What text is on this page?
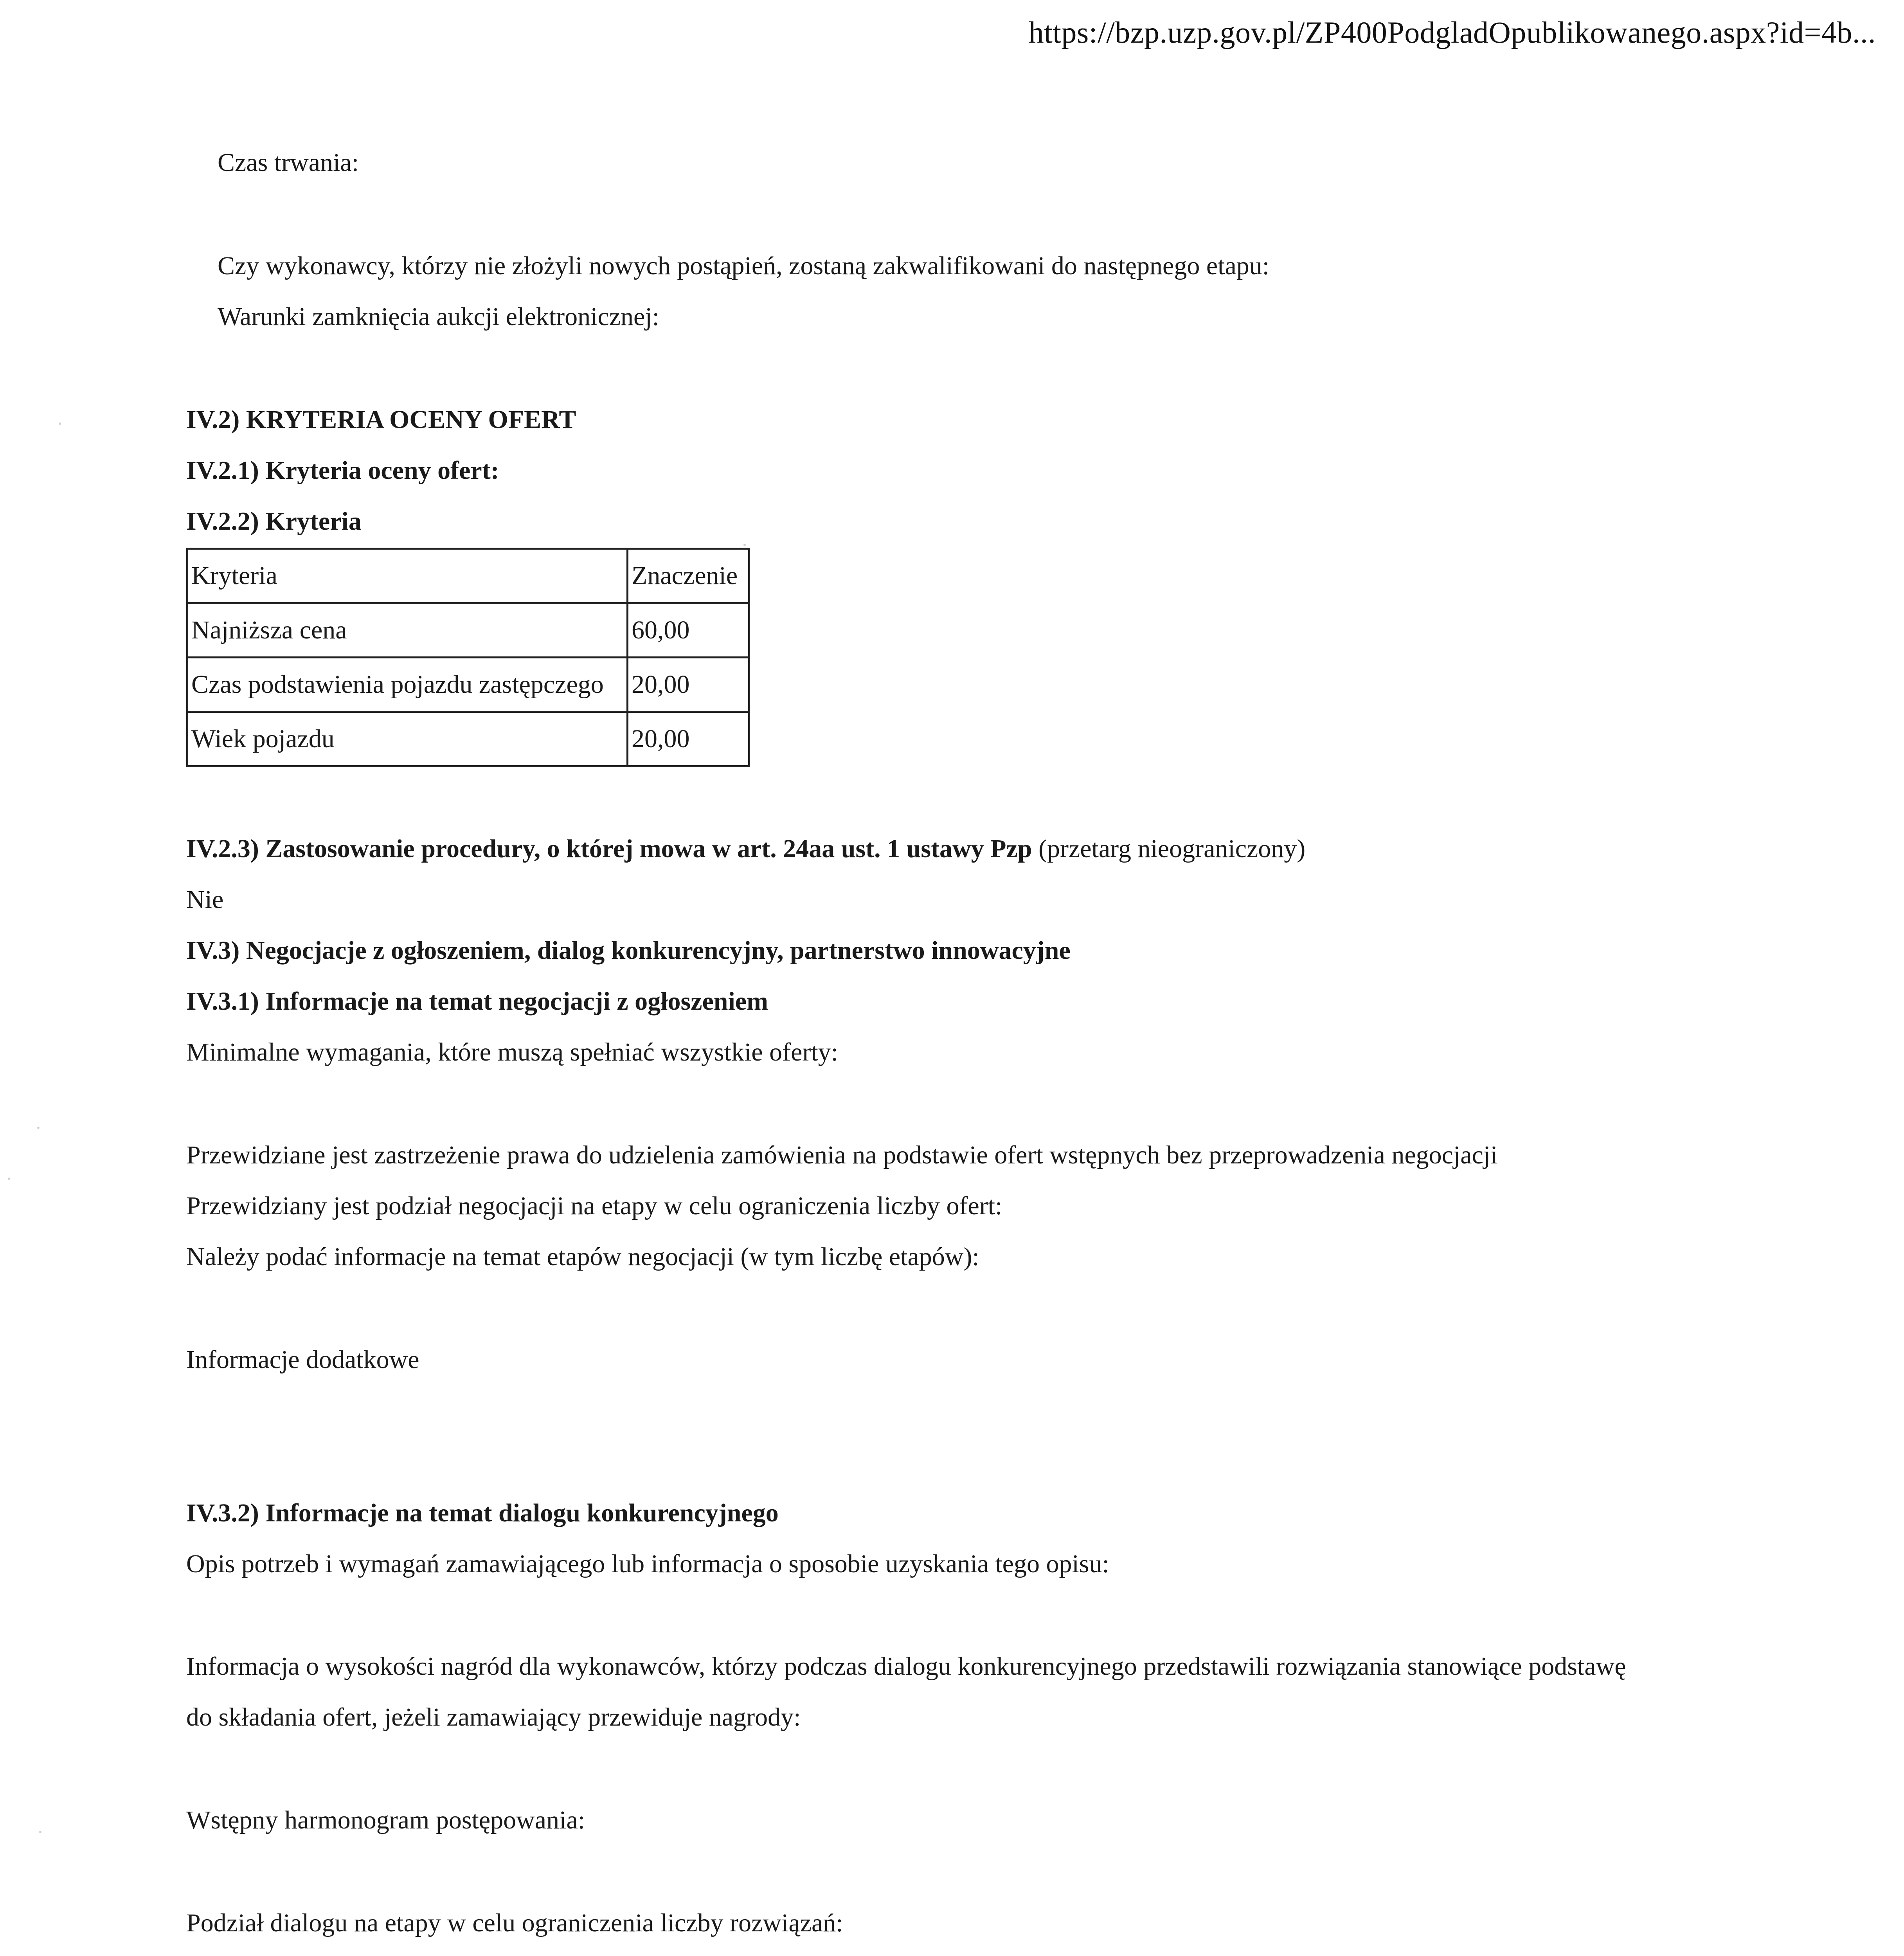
https://bzp.uzp.gov.pl/ZP400PodgladOpublikowanego.aspx?id=4b...
Czas trwania:
Czy wykonawcy, którzy nie złożyli nowych postąpień, zostaną zakwalifikowani do następnego etapu:
Warunki zamknięcia aukcji elektronicznej:
IV.2) KRYTERIA OCENY OFERT
IV.2.1) Kryteria oceny ofert:
IV.2.2) Kryteria
Kryteria	Znaczenie
Najniższa cena	60,00
Czas podstawienia pojazdu zastępczego	20,00
Wiek pojazdu	20,00
IV.2.3) Zastosowanie procedury, o której mowa w art. 24aa ust. 1 ustawy Pzp (przetarg nieograniczony)
Nie
IV.3) Negocjacje z ogłoszeniem, dialog konkurencyjny, partnerstwo innowacyjne
IV.3.1) Informacje na temat negocjacji z ogłoszeniem
Minimalne wymagania, które muszą spełniać wszystkie oferty:
Przewidziane jest zastrzeżenie prawa do udzielenia zamówienia na podstawie ofert wstępnych bez przeprowadzenia negocjacji
Przewidziany jest podział negocjacji na etapy w celu ograniczenia liczby ofert:
Należy podać informacje na temat etapów negocjacji (w tym liczbę etapów):
Informacje dodatkowe
IV.3.2) Informacje na temat dialogu konkurencyjnego
Opis potrzeb i wymagań zamawiającego lub informacja o sposobie uzyskania tego opisu:
Informacja o wysokości nagród dla wykonawców, którzy podczas dialogu konkurencyjnego przedstawili rozwiązania stanowiące podstawę
do składania ofert, jeżeli zamawiający przewiduje nagrody:
Wstępny harmonogram postępowania:
Podział dialogu na etapy w celu ograniczenia liczby rozwiązań:
